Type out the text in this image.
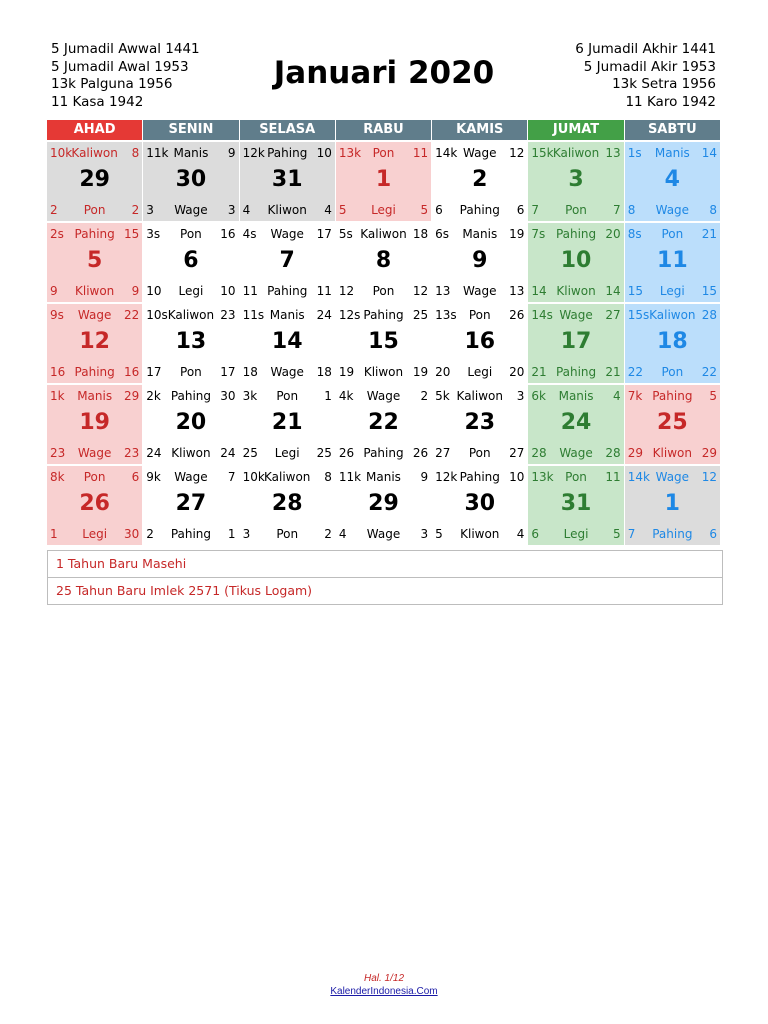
5 Jumadil Awwal 1441
5 Jumadil Awal 1953
13k Palguna 1956
11 Kasa 1942
Januari 2020
6 Jumadil Akhir 1441
5 Jumadil Akir 1953
13k Setra 1956
11 Karo 1942
AHAD	SENIN	SELASA	RABU	KAMIS	JUMAT	SABTU
10k Kaliwon	8
2	Pon	2
29
11k Manis	9
3	Wage	3
30
12k Pahing 10
4	Kliwon	4
31
13k Pon	11
5	Legi	5
1
14k Wage	12
6	Pahing	6
2
15k Kaliwon 13
7	Pon	7
3
1s	Manis 14
8	Wage	8
4
2s Pahing 15
9	Kliwon	9
5
3s	Pon	16
10	Legi	10
6
4s	Wage	17
11 Pahing 11
7
5s Kaliwon 18
12	Pon	12
8
6s	Manis 19
13	Wage	13
9
7s Pahing 20
14 Kliwon 14
10
8s	Pon	21
15	Legi	15
11
9s	Wage	22
16 Pahing 16
12
10s Kaliwon 23
17	Pon	17
13
11s Manis 24
18	Wage	18
14
12s Pahing 25
19 Kliwon 19
15
13s	Pon	26
20	Legi	20
16
14s Wage	27
21 Pahing 21
17
15s Kaliwon 28
22	Pon	22
18
1k	Manis 29
23	Wage	23
19
2k Pahing 30
24 Kliwon 24
20
3k	Pon	1
25	Legi	25
21
4k	Wage	2
26 Pahing 26
22
5k Kaliwon	3
27	Pon	27
23
6k	Manis	4
28	Wage	28
24
7k Pahing	5
29 Kliwon 29
25
8k	Pon	6
1	Legi	30
26
9k	Wage	7
2	Pahing	1
27
10k Kaliwon	8
3	Pon	2
28
11k Manis	9
4	Wage	3
29
12k Pahing 10
5	Kliwon	4
30
13k Pon	11
6	Legi	5
31
14k Wage	12
7	Pahing	6
1
1 Tahun Baru Masehi
25 Tahun Baru Imlek 2571 (Tikus Logam)
Hal. 1/12
KalenderIndonesia.Com
